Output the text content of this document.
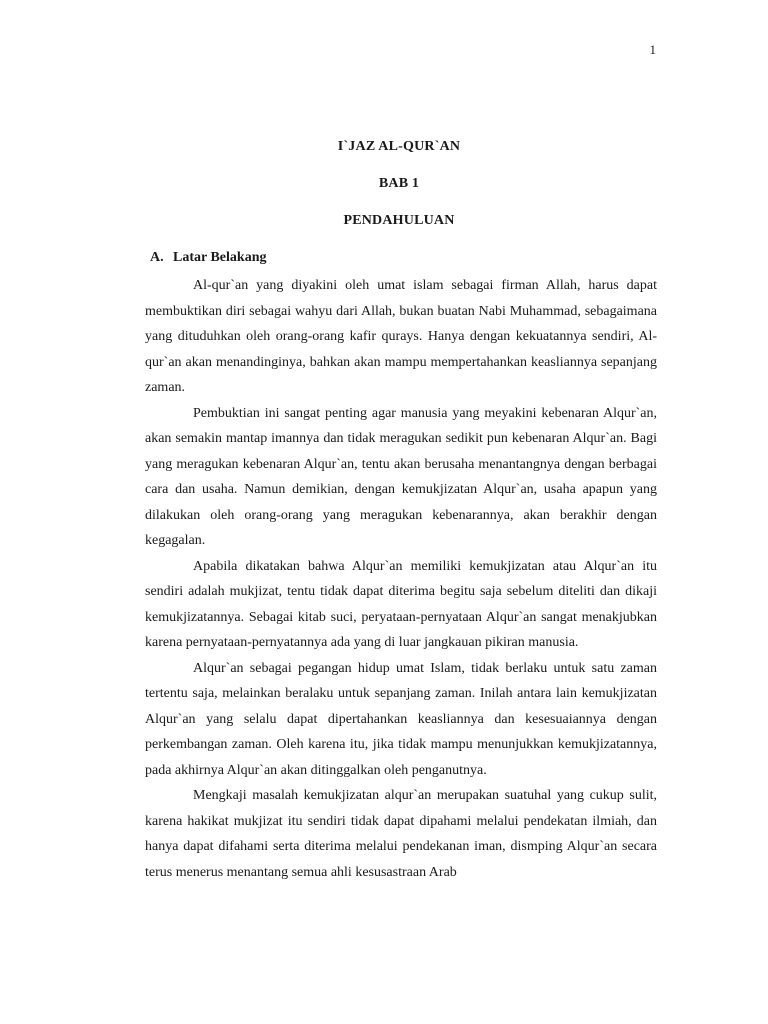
1
I`JAZ AL-QUR`AN
BAB 1
PENDAHULUAN
A. Latar Belakang

Al-qur`an yang diyakini oleh umat islam sebagai firman Allah, harus dapat membuktikan diri sebagai wahyu dari Allah, bukan buatan Nabi Muhammad, sebagaimana yang dituduhkan oleh orang-orang kafir qurays. Hanya dengan kekuatannya sendiri, Al-qur`an akan menandinginya, bahkan akan mampu mempertahankan keasliannya sepanjang zaman.

Pembuktian ini sangat penting agar manusia yang meyakini kebenaran Alqur`an, akan semakin mantap imannya dan tidak meragukan sedikit pun kebenaran Alqur`an. Bagi yang meragukan kebenaran Alqur`an, tentu akan berusaha menantangnya dengan berbagai cara dan usaha. Namun demikian, dengan kemukjizatan Alqur`an, usaha apapun yang dilakukan oleh orang-orang yang meragukan kebenarannya, akan berakhir dengan kegagalan.

Apabila dikatakan bahwa Alqur`an memiliki kemukjizatan atau Alqur`an itu sendiri adalah mukjizat, tentu tidak dapat diterima begitu saja sebelum diteliti dan dikaji kemukjizatannya. Sebagai kitab suci, peryataan-pernyataan Alqur`an sangat menakjubkan karena pernyataan-pernyatannya ada yang di luar jangkauan pikiran manusia.

Alqur`an sebagai pegangan hidup umat Islam, tidak berlaku untuk satu zaman tertentu saja, melainkan beralaku untuk sepanjang zaman. Inilah antara lain kemukjizatan Alqur`an yang selalu dapat dipertahankan keasliannya dan kesesuaiannya dengan perkembangan zaman. Oleh karena itu, jika tidak mampu menunjukkan kemukjizatannya, pada akhirnya Alqur`an akan ditinggalkan oleh penganutnya.

Mengkaji masalah kemukjizatan alqur`an merupakan suatuhal yang cukup sulit, karena hakikat mukjizat itu sendiri tidak dapat dipahami melalui pendekatan ilmiah, dan hanya dapat difahami serta diterima melalui pendekanan iman, dismping Alqur`an secara terus menerus menantang semua ahli kesusastraan Arab
